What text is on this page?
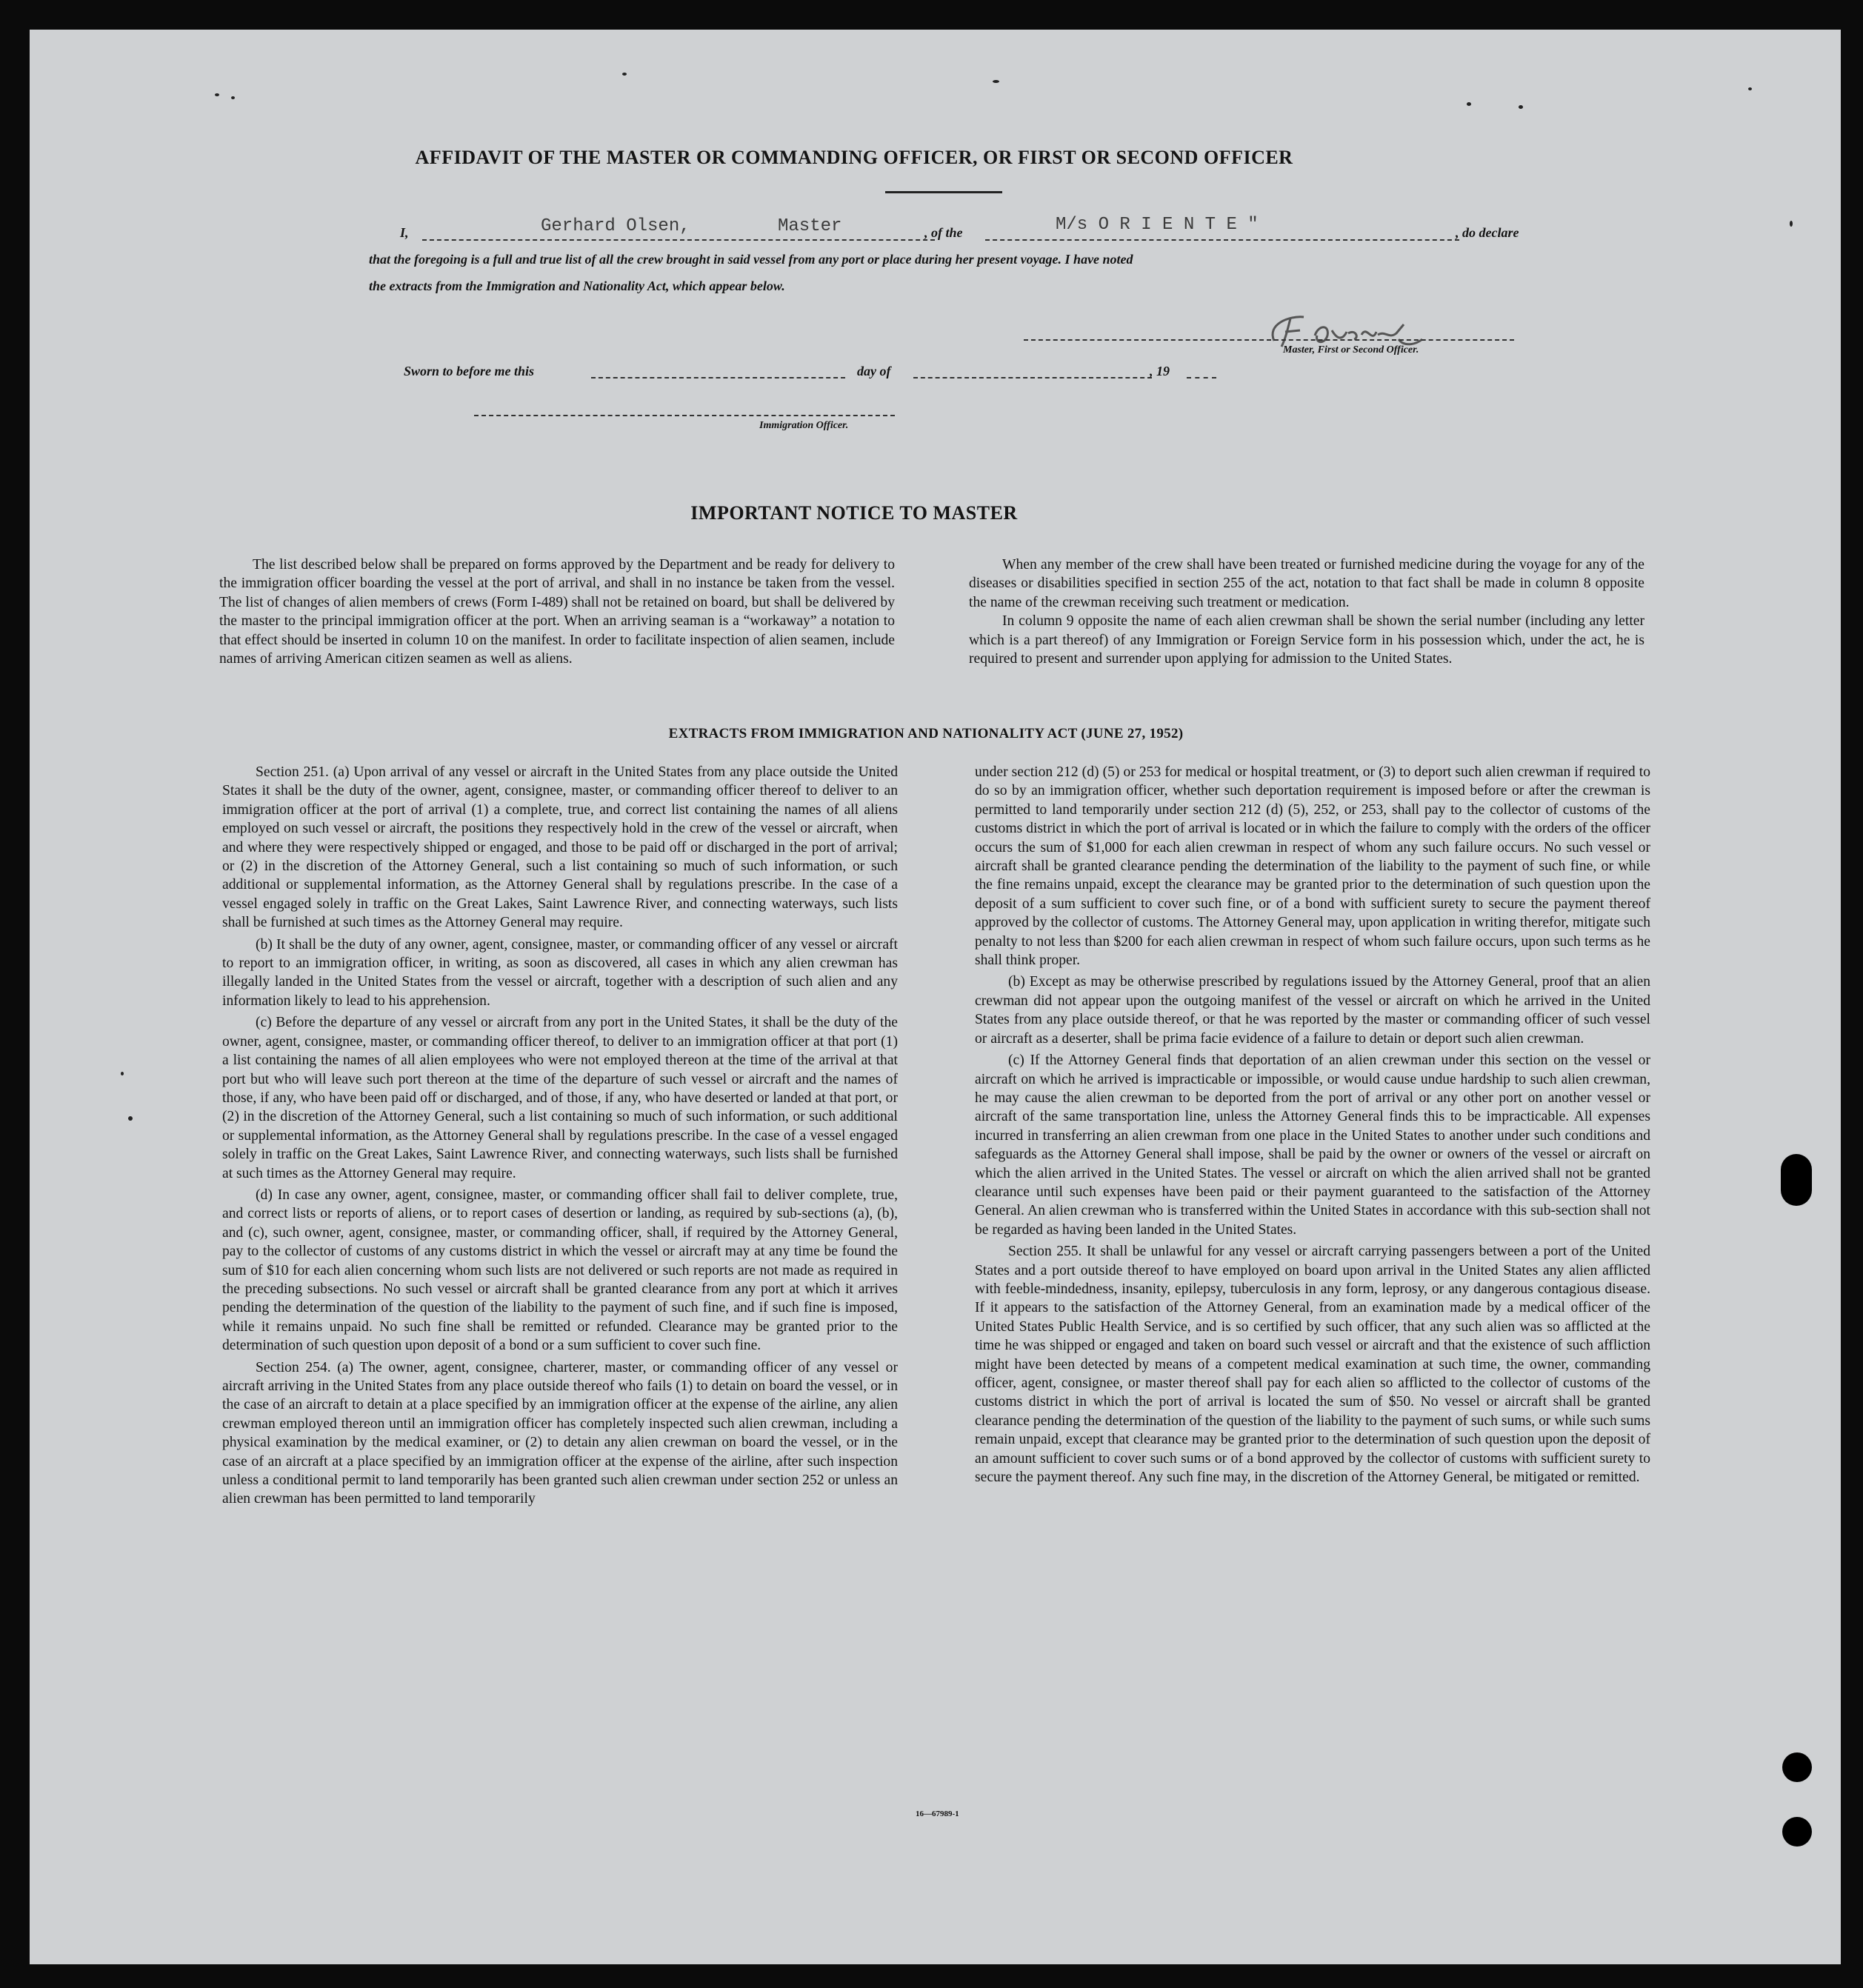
AFFIDAVIT OF THE MASTER OR COMMANDING OFFICER, OR FIRST OR SECOND OFFICER
I,	Gerhard Olsen,	Master	, of the	M/s O R I E N T E "	, do declare
that the foregoing is a full and true list of all the crew brought in said vessel from any port or place during her present voyage. I have noted
the extracts from the Immigration and Nationality Act, which appear below.
Master, First or Second Officer.
Sworn to before me this	day of	, 19
Immigration Officer.
IMPORTANT NOTICE TO MASTER

The list described below shall be prepared on forms approved by the Department and be ready for delivery to the immigration officer boarding the vessel at the port of arrival, and shall in no instance be taken from the vessel. The list of changes of alien members of crews (Form I-489) shall not be retained on board, but shall be delivered by the master to the principal immigration officer at the port. When an arriving seaman is a “workaway” a notation to that effect should be inserted in column 10 on the manifest. In order to facilitate inspection of alien seamen, include names of arriving American citizen seamen as well as aliens.

When any member of the crew shall have been treated or furnished medicine during the voyage for any of the diseases or disabilities specified in section 255 of the act, notation to that fact shall be made in column 8 opposite the name of the crewman receiving such treatment or medication.

In column 9 opposite the name of each alien crewman shall be shown the serial number (including any letter which is a part thereof) of any Immigration or Foreign Service form in his possession which, under the act, he is required to present and surrender upon applying for admission to the United States.

EXTRACTS FROM IMMIGRATION AND NATIONALITY ACT (JUNE 27, 1952)

Section 251. (a) Upon arrival of any vessel or aircraft in the United States from any place outside the United States it shall be the duty of the owner, agent, consignee, master, or commanding officer thereof to deliver to an immigration officer at the port of arrival (1) a complete, true, and correct list containing the names of all aliens employed on such vessel or aircraft, the positions they respectively hold in the crew of the vessel or aircraft, when and where they were respectively shipped or engaged, and those to be paid off or discharged in the port of arrival; or (2) in the discretion of the Attorney General, such a list containing so much of such information, or such additional or supplemental information, as the Attorney General shall by regulations prescribe. In the case of a vessel engaged solely in traffic on the Great Lakes, Saint Lawrence River, and connecting waterways, such lists shall be furnished at such times as the Attorney General may require.

(b) It shall be the duty of any owner, agent, consignee, master, or commanding officer of any vessel or aircraft to report to an immigration officer, in writing, as soon as discovered, all cases in which any alien crewman has illegally landed in the United States from the vessel or aircraft, together with a description of such alien and any information likely to lead to his apprehension.

(c) Before the departure of any vessel or aircraft from any port in the United States, it shall be the duty of the owner, agent, consignee, master, or commanding officer thereof, to deliver to an immigration officer at that port (1) a list containing the names of all alien employees who were not employed thereon at the time of the arrival at that port but who will leave such port thereon at the time of the departure of such vessel or aircraft and the names of those, if any, who have been paid off or discharged, and of those, if any, who have deserted or landed at that port, or (2) in the discretion of the Attorney General, such a list containing so much of such information, or such additional or supplemental information, as the Attorney General shall by regulations prescribe. In the case of a vessel engaged solely in traffic on the Great Lakes, Saint Lawrence River, and connecting waterways, such lists shall be furnished at such times as the Attorney General may require.

(d) In case any owner, agent, consignee, master, or commanding officer shall fail to deliver complete, true, and correct lists or reports of aliens, or to report cases of desertion or landing, as required by sub-sections (a), (b), and (c), such owner, agent, consignee, master, or commanding officer, shall, if required by the Attorney General, pay to the collector of customs of any customs district in which the vessel or aircraft may at any time be found the sum of $10 for each alien concerning whom such lists are not delivered or such reports are not made as required in the preceding subsections. No such vessel or aircraft shall be granted clearance from any port at which it arrives pending the determination of the question of the liability to the payment of such fine, and if such fine is imposed, while it remains unpaid. No such fine shall be remitted or refunded. Clearance may be granted prior to the determination of such question upon deposit of a bond or a sum sufficient to cover such fine.

Section 254. (a) The owner, agent, consignee, charterer, master, or commanding officer of any vessel or aircraft arriving in the United States from any place outside thereof who fails (1) to detain on board the vessel, or in the case of an aircraft to detain at a place specified by an immigration officer at the expense of the airline, any alien crewman employed thereon until an immigration officer has completely inspected such alien crewman, including a physical examination by the medical examiner, or (2) to detain any alien crewman on board the vessel, or in the case of an aircraft at a place specified by an immigration officer at the expense of the airline, after such inspection unless a conditional permit to land temporarily has been granted such alien crewman under section 252 or unless an alien crewman has been permitted to land temporarily

under section 212 (d) (5) or 253 for medical or hospital treatment, or (3) to deport such alien crewman if required to do so by an immigration officer, whether such deportation requirement is imposed before or after the crewman is permitted to land temporarily under section 212 (d) (5), 252, or 253, shall pay to the collector of customs of the customs district in which the port of arrival is located or in which the failure to comply with the orders of the officer occurs the sum of $1,000 for each alien crewman in respect of whom any such failure occurs. No such vessel or aircraft shall be granted clearance pending the determination of the liability to the payment of such fine, or while the fine remains unpaid, except the clearance may be granted prior to the determination of such question upon the deposit of a sum sufficient to cover such fine, or of a bond with sufficient surety to secure the payment thereof approved by the collector of customs. The Attorney General may, upon application in writing therefor, mitigate such penalty to not less than $200 for each alien crewman in respect of whom such failure occurs, upon such terms as he shall think proper.

(b) Except as may be otherwise prescribed by regulations issued by the Attorney General, proof that an alien crewman did not appear upon the outgoing manifest of the vessel or aircraft on which he arrived in the United States from any place outside thereof, or that he was reported by the master or commanding officer of such vessel or aircraft as a deserter, shall be prima facie evidence of a failure to detain or deport such alien crewman.

(c) If the Attorney General finds that deportation of an alien crewman under this section on the vessel or aircraft on which he arrived is impracticable or impossible, or would cause undue hardship to such alien crewman, he may cause the alien crewman to be deported from the port of arrival or any other port on another vessel or aircraft of the same transportation line, unless the Attorney General finds this to be impracticable. All expenses incurred in transferring an alien crewman from one place in the United States to another under such conditions and safeguards as the Attorney General shall impose, shall be paid by the owner or owners of the vessel or aircraft on which the alien arrived in the United States. The vessel or aircraft on which the alien arrived shall not be granted clearance until such expenses have been paid or their payment guaranteed to the satisfaction of the Attorney General. An alien crewman who is transferred within the United States in accordance with this sub-section shall not be regarded as having been landed in the United States.

Section 255. It shall be unlawful for any vessel or aircraft carrying passengers between a port of the United States and a port outside thereof to have employed on board upon arrival in the United States any alien afflicted with feeble-mindedness, insanity, epilepsy, tuberculosis in any form, leprosy, or any dangerous contagious disease. If it appears to the satisfaction of the Attorney General, from an examination made by a medical officer of the United States Public Health Service, and is so certified by such officer, that any such alien was so afflicted at the time he was shipped or engaged and taken on board such vessel or aircraft and that the existence of such affliction might have been detected by means of a competent medical examination at such time, the owner, commanding officer, agent, consignee, or master thereof shall pay for each alien so afflicted to the collector of customs of the customs district in which the port of arrival is located the sum of $50. No vessel or aircraft shall be granted clearance pending the determination of the question of the liability to the payment of such sums, or while such sums remain unpaid, except that clearance may be granted prior to the determination of such question upon the deposit of an amount sufficient to cover such sums or of a bond approved by the collector of customs with sufficient surety to secure the payment thereof. Any such fine may, in the discretion of the Attorney General, be mitigated or remitted.

16—67989-1
